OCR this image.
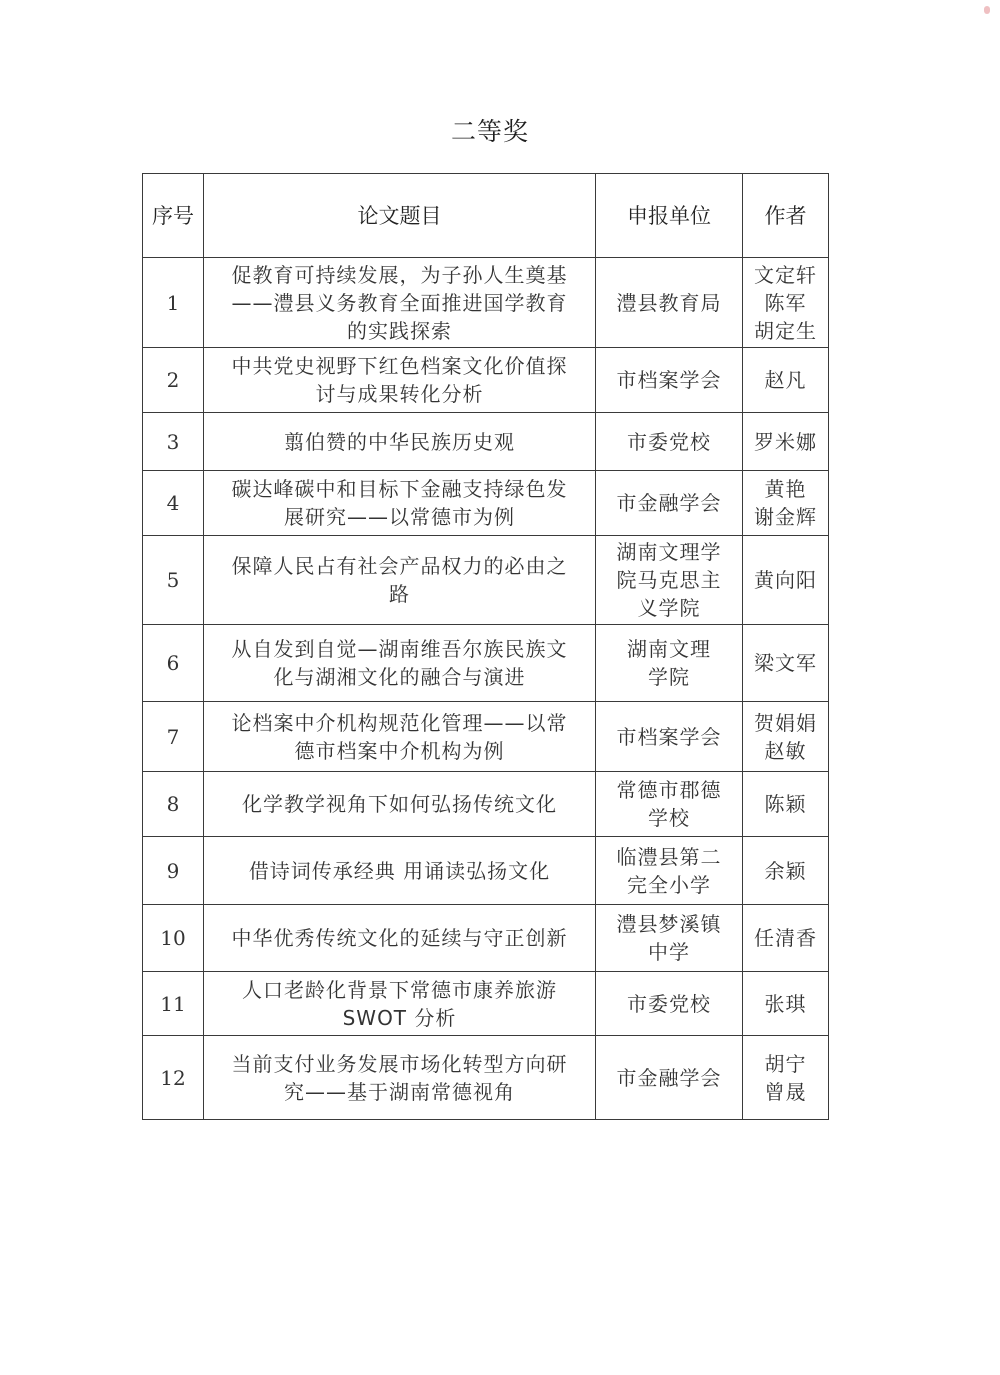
二等奖
序号	论文题目	申报单位	作者
1	促教育可持续发展，为子孙人生奠基
——澧县义务教育全面推进国学教育
的实践探索	澧县教育局	文定轩
陈军
胡定生

2	中共党史视野下红色档案文化价值探
讨与成果转化分析	市档案学会	赵凡

3	翦伯赞的中华民族历史观	市委党校	罗米娜

4	碳达峰碳中和目标下金融支持绿色发
展研究——以常德市为例	市金融学会	黄艳
谢金辉

5	保障人民占有社会产品权力的必由之
路	湖南文理学
院马克思主
义学院	黄向阳

6	从自发到自觉—湖南维吾尔族民族文
化与湖湘文化的融合与演进	湖南文理
学院	梁文军

7	论档案中介机构规范化管理——以常
德市档案中介机构为例	市档案学会	贺娟娟
赵敏

8	化学教学视角下如何弘扬传统文化	常德市郡德
学校	陈颖

9	借诗词传承经典 用诵读弘扬文化	临澧县第二
完全小学	余颖

10	中华优秀传统文化的延续与守正创新	澧县梦溪镇
中学	任清香

11	人口老龄化背景下常德市康养旅游
SWOT 分析	市委党校	张琪

12	当前支付业务发展市场化转型方向研
究——基于湖南常德视角	市金融学会	胡宁
曾晟
